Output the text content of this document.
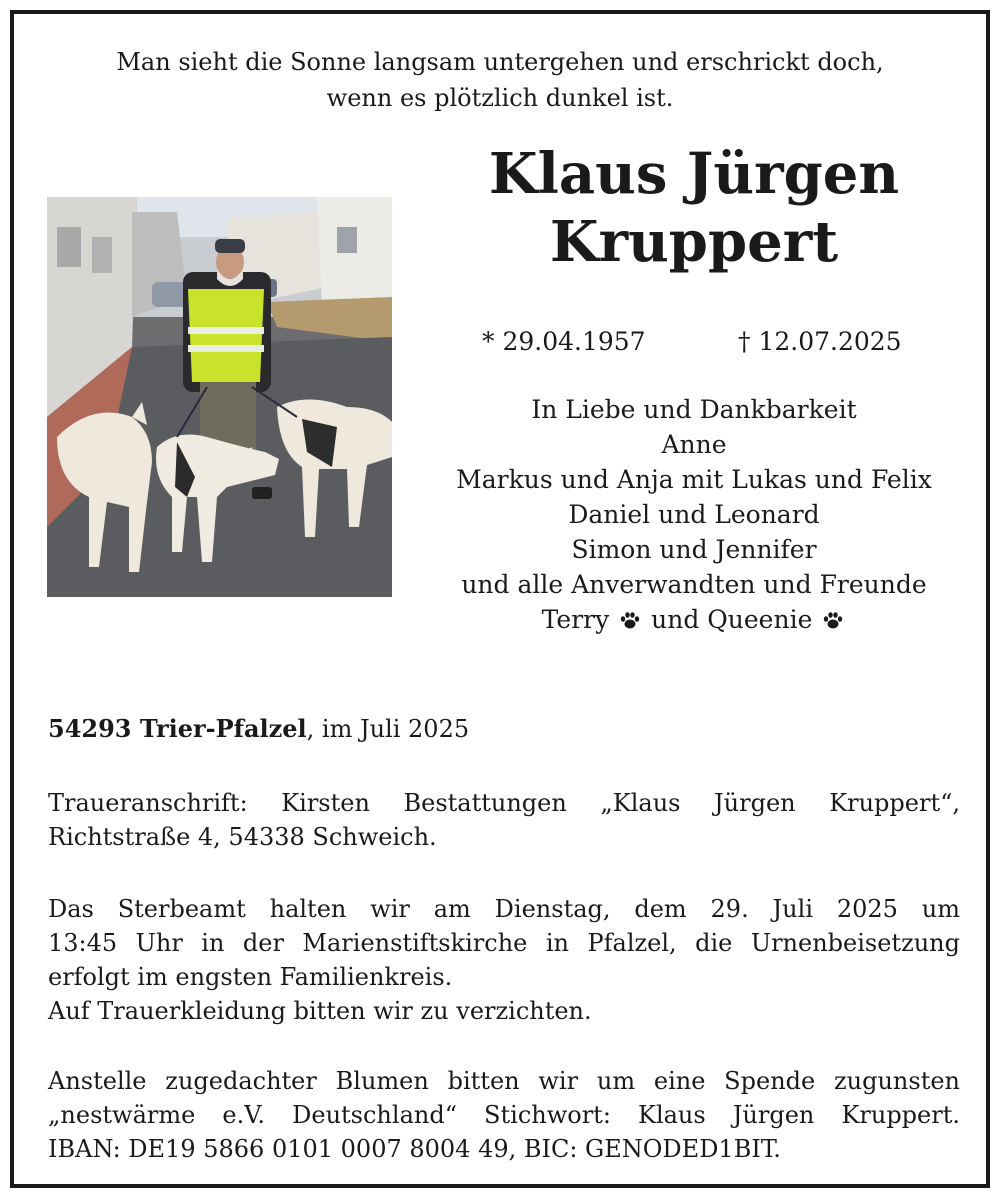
Man sieht die Sonne langsam untergehen und erschrickt doch,
wenn es plötzlich dunkel ist.
Klaus Jürgen
Kruppert
* 29.04.1957	† 12.07.2025
In Liebe und Dankbarkeit
Anne
Markus und Anja mit Lukas und Felix
Daniel und Leonard
Simon und Jennifer
und alle Anverwandten und Freunde
Terry und Queenie
54293 Trier-Pfalzel, im Juli 2025
Traueranschrift: Kirsten Bestattungen „Klaus Jürgen Kruppert“,
Richtstraße 4, 54338 Schweich.
Das Sterbeamt halten wir am Dienstag, dem 29. Juli 2025 um
13:45 Uhr in der Marienstiftskirche in Pfalzel, die Urnenbeisetzung
erfolgt im engsten Familienkreis.
Auf Trauerkleidung bitten wir zu verzichten.
Anstelle zugedachter Blumen bitten wir um eine Spende zugunsten
„nestwärme e.V. Deutschland“ Stichwort: Klaus Jürgen Kruppert.
IBAN: DE19 5866 0101 0007 8004 49, BIC: GENODED1BIT.
